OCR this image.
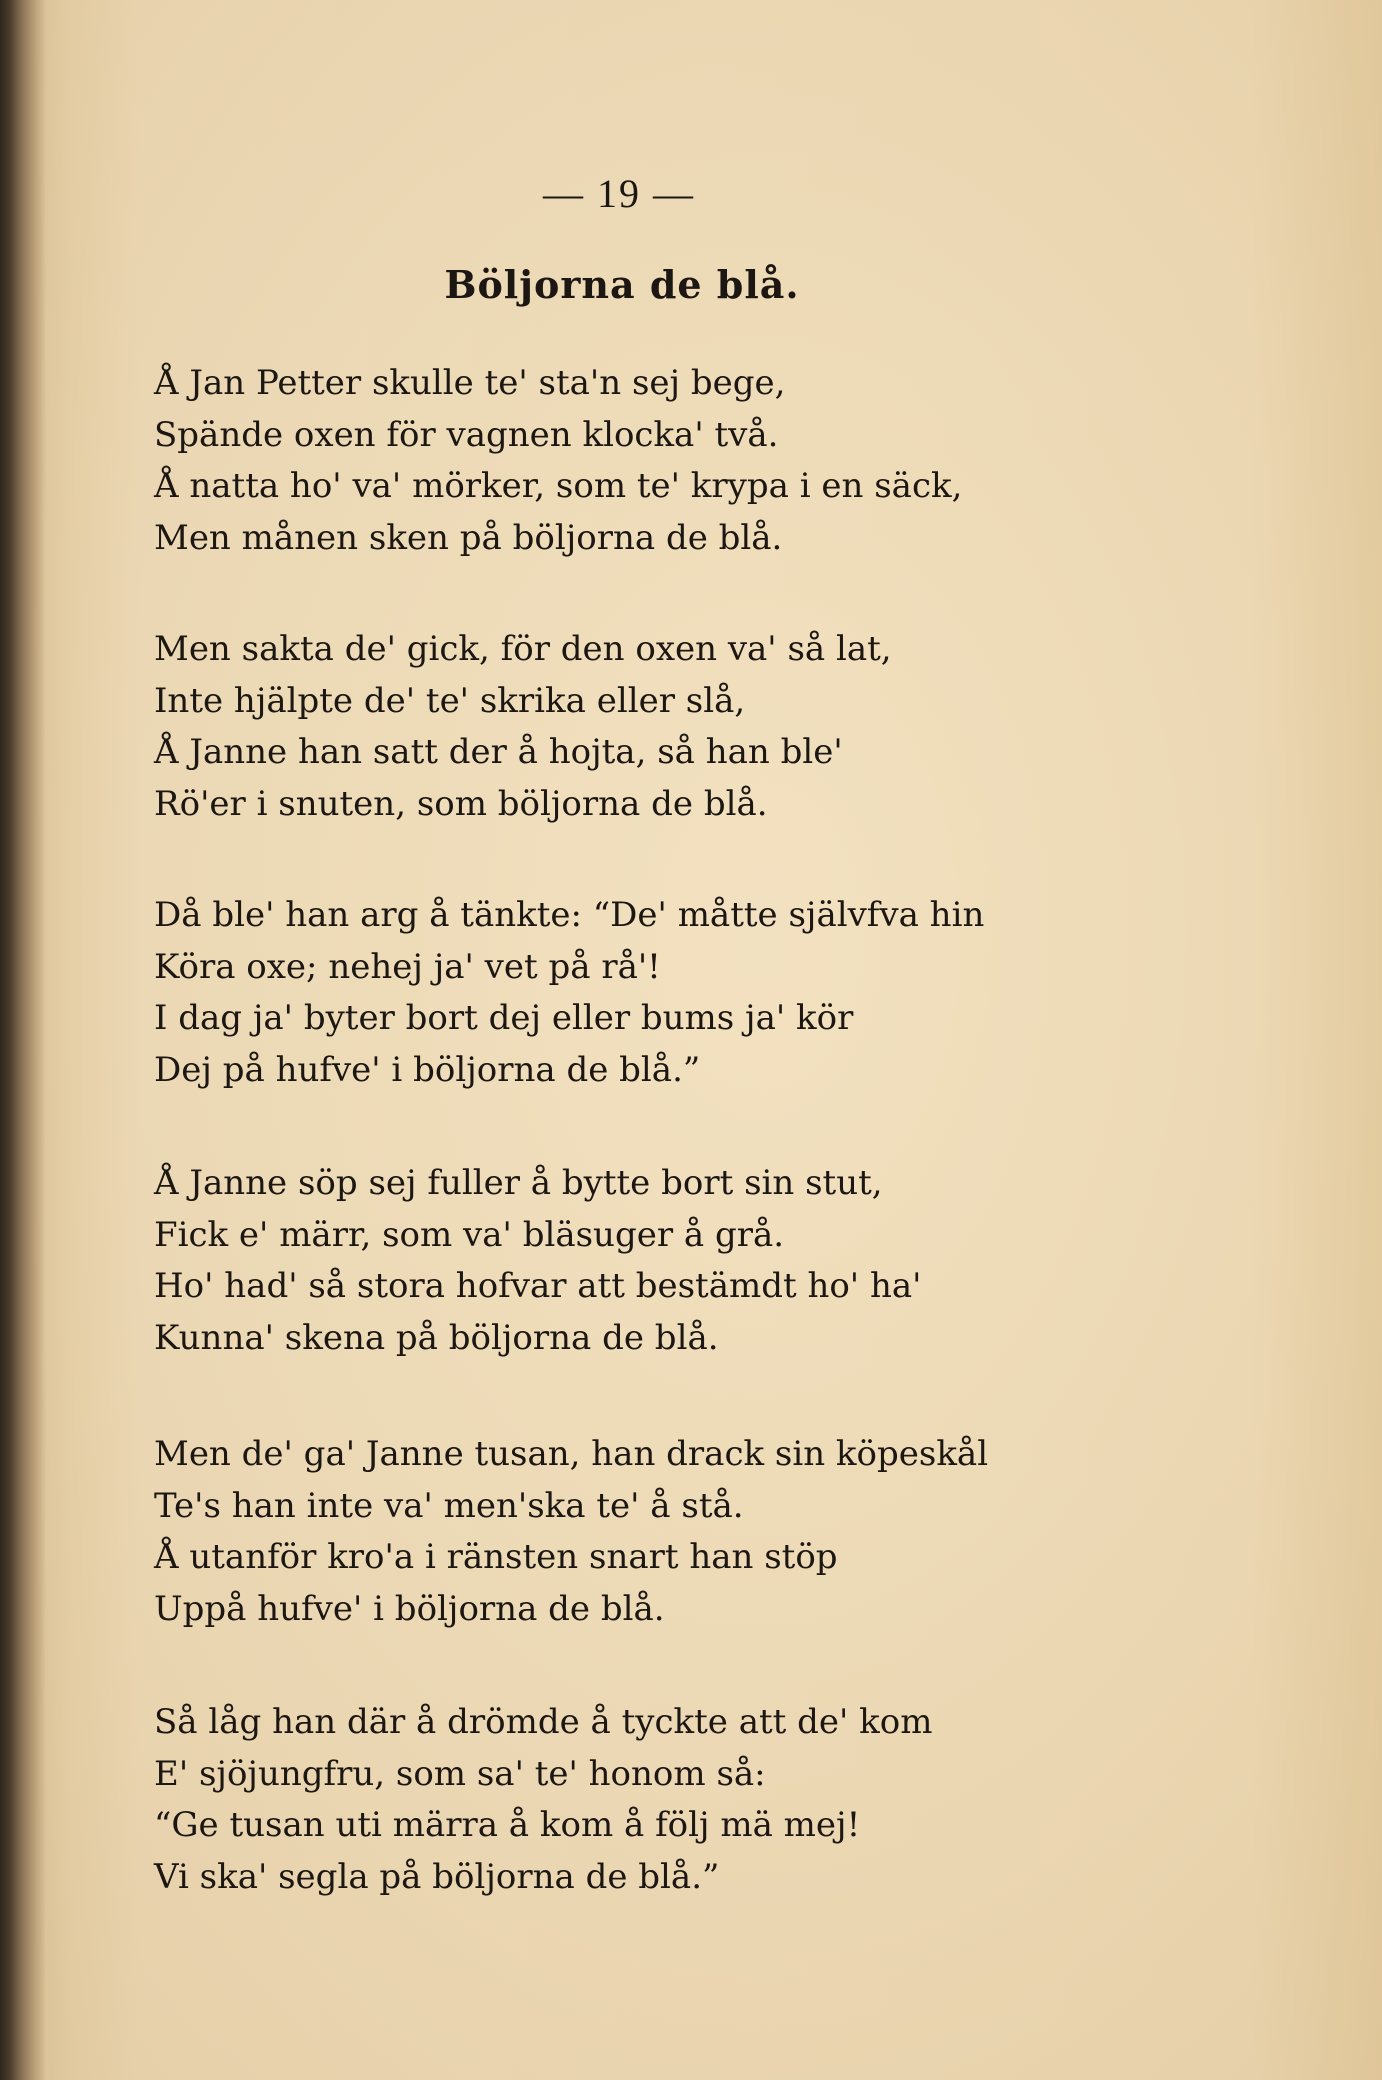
— 19 —
Böljorna de blå.
Å Jan Petter skulle te' sta'n sej bege,
Spände oxen för vagnen klocka' två.
Å natta ho' va' mörker, som te' krypa i en säck,
Men månen sken på böljorna de blå.
Men sakta de' gick, för den oxen va' så lat,
Inte hjälpte de' te' skrika eller slå,
Å Janne han satt der å hojta, så han ble'
Rö'er i snuten, som böljorna de blå.
Då ble' han arg å tänkte: “De' måtte självfva hin
Köra oxe; nehej ja' vet på rå'!
I dag ja' byter bort dej eller bums ja' kör
Dej på hufve' i böljorna de blå.”
Å Janne söp sej fuller å bytte bort sin stut,
Fick e' märr, som va' bläsuger å grå.
Ho' had' så stora hofvar att bestämdt ho' ha'
Kunna' skena på böljorna de blå.
Men de' ga' Janne tusan, han drack sin köpeskål
Te's han inte va' men'ska te' å stå.
Å utanför kro'a i ränsten snart han stöp
Uppå hufve' i böljorna de blå.
Så låg han där å drömde å tyckte att de' kom
E' sjöjungfru, som sa' te' honom så:
“Ge tusan uti märra å kom å följ mä mej!
Vi ska' segla på böljorna de blå.”
